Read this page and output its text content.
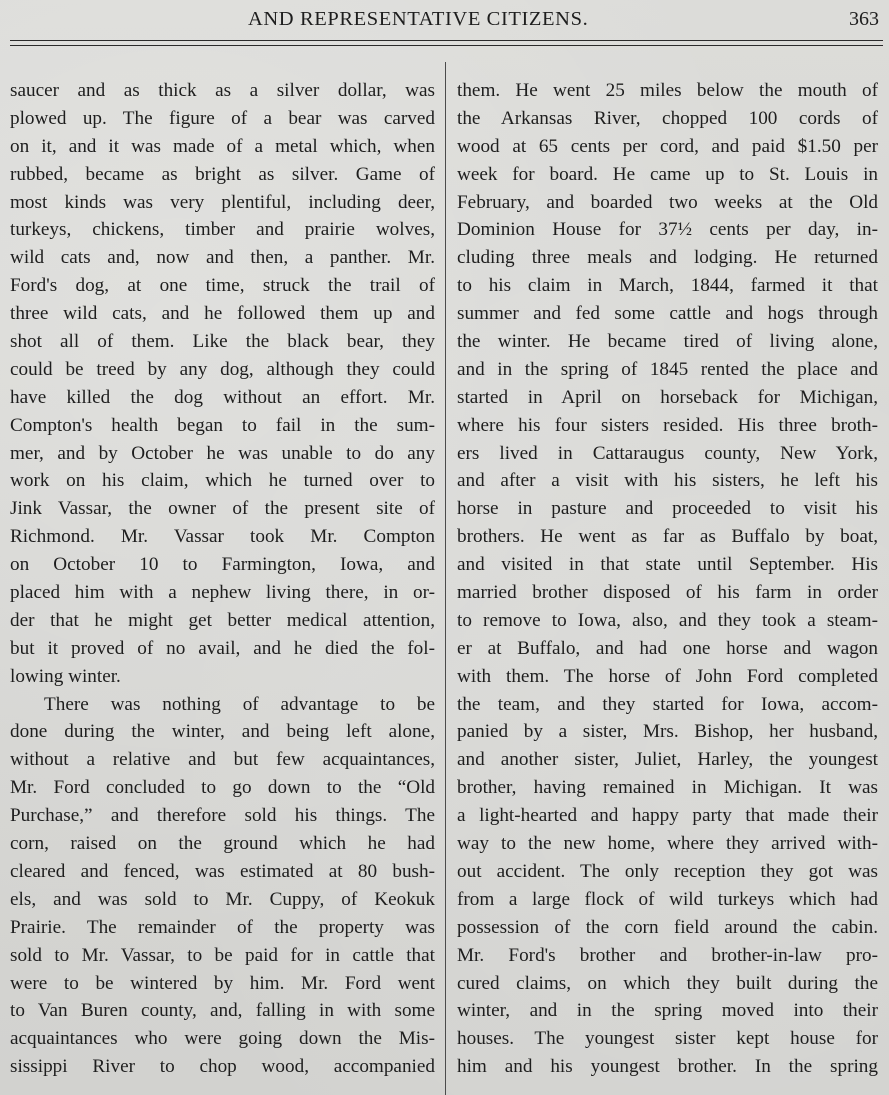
AND REPRESENTATIVE CITIZENS.	363
saucer and as thick as a silver dollar, was
plowed up. The figure of a bear was carved
on it, and it was made of a metal which, when
rubbed, became as bright as silver. Game of
most kinds was very plentiful, including deer,
turkeys, chickens, timber and prairie wolves,
wild cats and, now and then, a panther. Mr.
Ford's dog, at one time, struck the trail of
three wild cats, and he followed them up and
shot all of them. Like the black bear, they
could be treed by any dog, although they could
have killed the dog without an effort. Mr.
Compton's health began to fail in the sum-
mer, and by October he was unable to do any
work on his claim, which he turned over to
Jink Vassar, the owner of the present site of
Richmond. Mr. Vassar took Mr. Compton
on October 10 to Farmington, Iowa, and
placed him with a nephew living there, in or-
der that he might get better medical attention,
but it proved of no avail, and he died the fol-
lowing winter.
There was nothing of advantage to be
done during the winter, and being left alone,
without a relative and but few acquaintances,
Mr. Ford concluded to go down to the “Old
Purchase,” and therefore sold his things. The
corn, raised on the ground which he had
cleared and fenced, was estimated at 80 bush-
els, and was sold to Mr. Cuppy, of Keokuk
Prairie. The remainder of the property was
sold to Mr. Vassar, to be paid for in cattle that
were to be wintered by him. Mr. Ford went
to Van Buren county, and, falling in with some
acquaintances who were going down the Mis-
sissippi River to chop wood, accompanied
them. He went 25 miles below the mouth of
the Arkansas River, chopped 100 cords of
wood at 65 cents per cord, and paid $1.50 per
week for board. He came up to St. Louis in
February, and boarded two weeks at the Old
Dominion House for 37½ cents per day, in-
cluding three meals and lodging. He returned
to his claim in March, 1844, farmed it that
summer and fed some cattle and hogs through
the winter. He became tired of living alone,
and in the spring of 1845 rented the place and
started in April on horseback for Michigan,
where his four sisters resided. His three broth-
ers lived in Cattaraugus county, New York,
and after a visit with his sisters, he left his
horse in pasture and proceeded to visit his
brothers. He went as far as Buffalo by boat,
and visited in that state until September. His
married brother disposed of his farm in order
to remove to Iowa, also, and they took a steam-
er at Buffalo, and had one horse and wagon
with them. The horse of John Ford completed
the team, and they started for Iowa, accom-
panied by a sister, Mrs. Bishop, her husband,
and another sister, Juliet, Harley, the youngest
brother, having remained in Michigan. It was
a light-hearted and happy party that made their
way to the new home, where they arrived with-
out accident. The only reception they got was
from a large flock of wild turkeys which had
possession of the corn field around the cabin.
Mr. Ford's brother and brother-in-law pro-
cured claims, on which they built during the
winter, and in the spring moved into their
houses. The youngest sister kept house for
him and his youngest brother. In the spring
